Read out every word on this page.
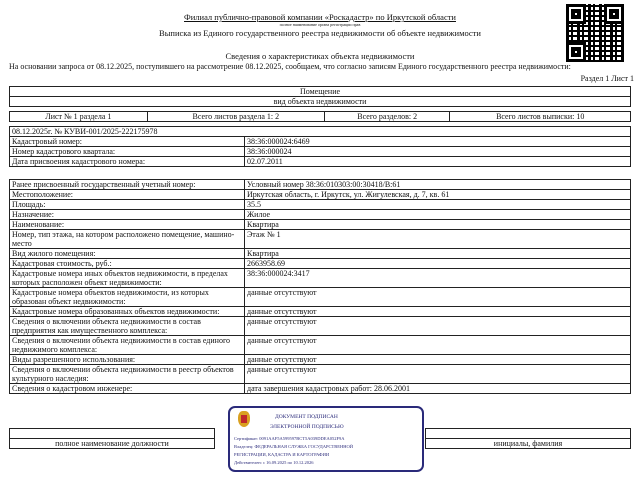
Филиал публично-правовой компании «Роскадастр» по Иркутской области
полное наименование органа регистрации прав
Выписка из Единого государственного реестра недвижимости об объекте недвижимости
Сведения о характеристиках объекта недвижимости
На основании запроса от 08.12.2025, поступившего на рассмотрение 08.12.2025, сообщаем, что согласно записям Единого государственного реестра недвижимости:
Раздел 1 Лист 1
Помещение
вид объекта недвижимости
Лист № 1 раздела 1	Всего листов раздела 1: 2	Всего разделов: 2	Всего листов выписки: 10
08.12.2025г. № КУВИ-001/2025-222175978	
Кадастровый номер:	38:36:000024:6469
Номер кадастрового квартала:	38:36:000024
Дата присвоения кадастрового номера:	02.07.2011
Ранее присвоенный государственный учетный номер:	Условный номер 38:36:010303:00:30418/В:61
Местоположение:	Иркутская область, г. Иркутск, ул. Жигулевская, д. 7, кв. 61
Площадь:	35.5
Назначение:	Жилое
Наименование:	Квартира
Номер, тип этажа, на котором расположено помещение, машино-место	Этаж № 1
Вид жилого помещения:	Квартира
Кадастровая стоимость, руб.:	2663958.69
Кадастровые номера иных объектов недвижимости, в пределах которых расположен объект недвижимости:	38:36:000024:3417
Кадастровые номера объектов недвижимости, из которых образован объект недвижимости:	данные отсутствуют
Кадастровые номера образованных объектов недвижимости:	данные отсутствуют
Сведения о включении объекта недвижимости в состав предприятия как имущественного комплекса:	данные отсутствуют
Сведения о включении объекта недвижимости в состав единого недвижимого комплекса:	данные отсутствуют
Виды разрешенного использования:	данные отсутствуют
Сведения о включении объекта недвижимости в реестр объектов культурного наследия:	данные отсутствуют
Сведения о кадастровом инженере:	дата завершения кадастровых работ: 28.06.2001

полное наименование должности		инициалы, фамилия
ДОКУМЕНТ ПОДПИСАН
ЭЛЕКТРОННОЙ ПОДПИСЬЮ
Сертификат: 0091AAF5A599597BCT5A039DDEA052F9A
Владелец: ФЕДЕРАЛЬНАЯ СЛУЖБА ГОСУДАРСТВЕННОЙ
РЕГИСТРАЦИИ, КАДАСТРА И КАРТОГРАФИИ
Действителен: с 16.09.2025 по 10.12.2026
